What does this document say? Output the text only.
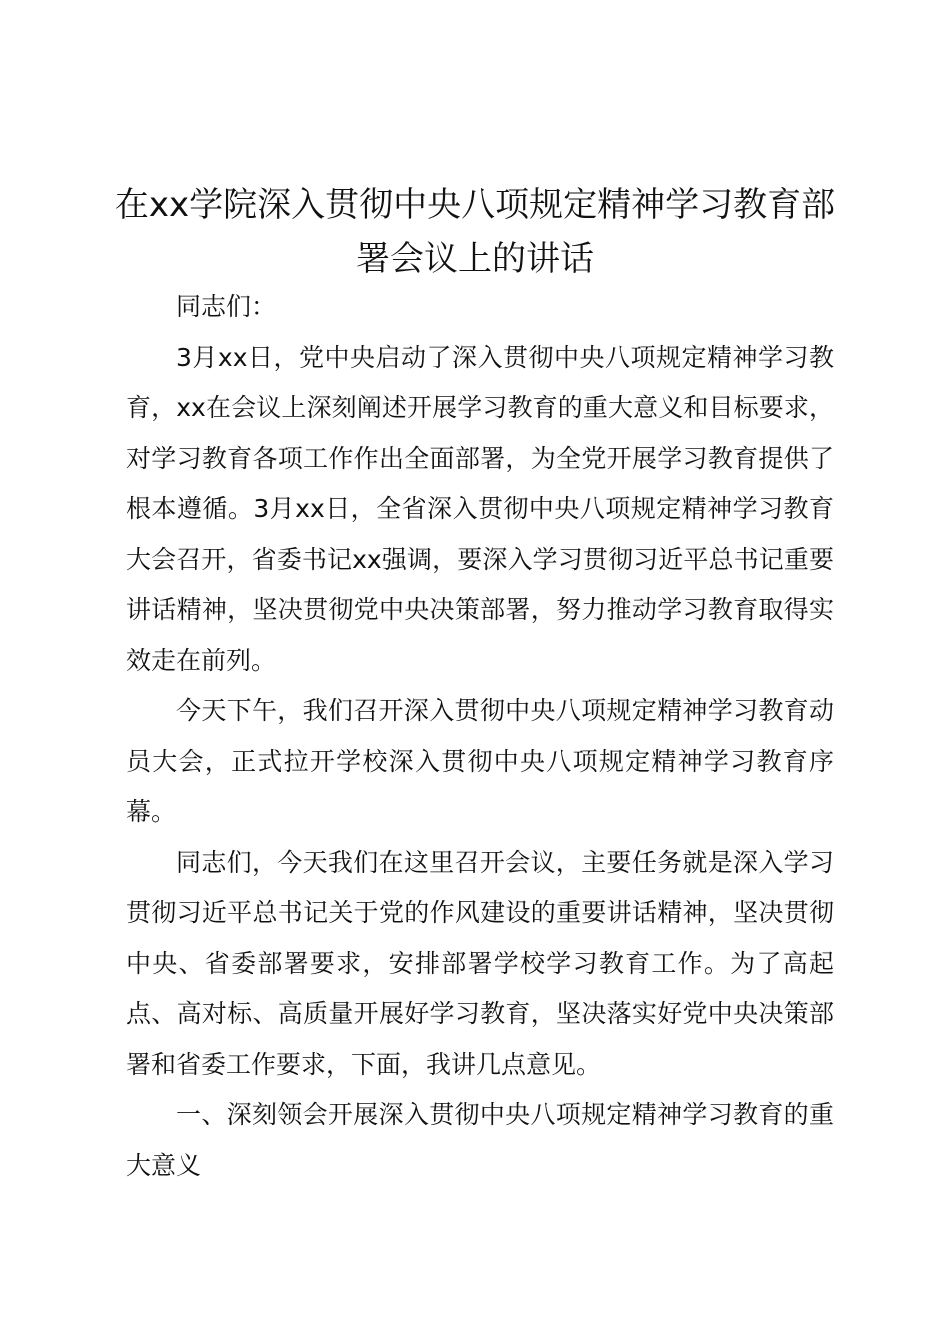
在xx学院深入贯彻中央八项规定精神学习教育部署会议上的讲话

同志们：

3月xx日，党中央启动了深入贯彻中央八项规定精神学习教育，xx在会议上深刻阐述开展学习教育的重大意义和目标要求，对学习教育各项工作作出全面部署，为全党开展学习教育提供了根本遵循。3月xx日，全省深入贯彻中央八项规定精神学习教育大会召开，省委书记xx强调，要深入学习贯彻习近平总书记重要讲话精神，坚决贯彻党中央决策部署，努力推动学习教育取得实效走在前列。

今天下午，我们召开深入贯彻中央八项规定精神学习教育动员大会，正式拉开学校深入贯彻中央八项规定精神学习教育序幕。

同志们，今天我们在这里召开会议，主要任务就是深入学习贯彻习近平总书记关于党的作风建设的重要讲话精神，坚决贯彻中央、省委部署要求，安排部署学校学习教育工作。为了高起点、高对标、高质量开展好学习教育，坚决落实好党中央决策部署和省委工作要求，下面，我讲几点意见。

一、深刻领会开展深入贯彻中央八项规定精神学习教育的重大意义
